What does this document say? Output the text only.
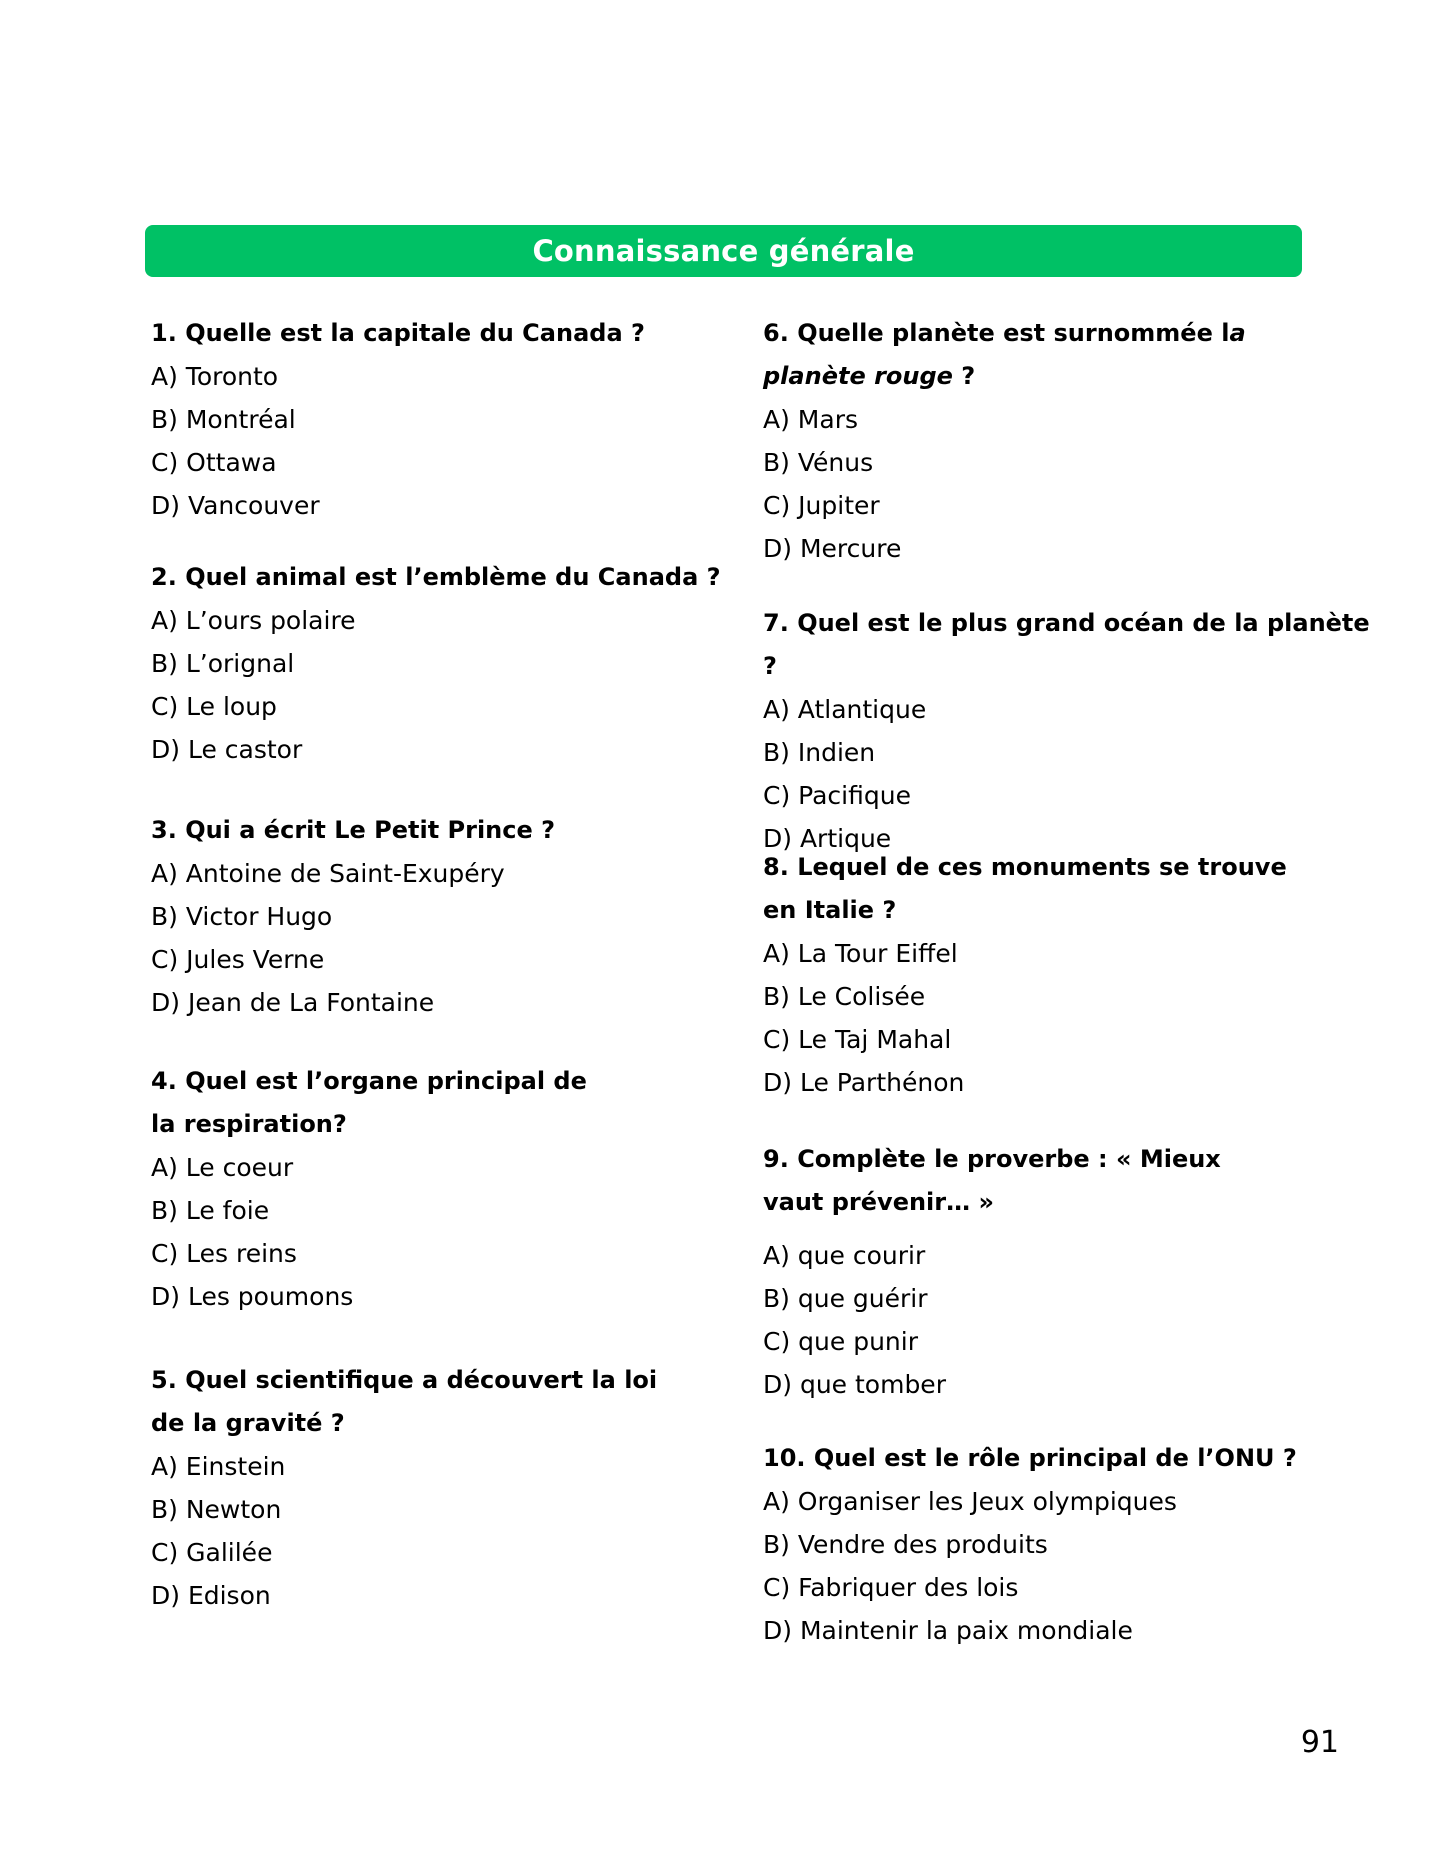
Connaissance générale

1. Quelle est la capitale du Canada ?

A) Toronto

B) Montréal

C) Ottawa

D) Vancouver

2. Quel animal est l’emblème du Canada ?

A) L’ours polaire

B) L’orignal

C) Le loup

D) Le castor

3. Qui a écrit Le Petit Prince ?

A) Antoine de Saint-Exupéry

B) Victor Hugo

C) Jules Verne

D) Jean de La Fontaine

4. Quel est l’organe principal de la respiration?

A) Le coeur

B) Le foie

C) Les reins

D) Les poumons

5. Quel scientifique a découvert la loi de la gravité ?

A) Einstein

B) Newton

C) Galilée

D) Edison

6. Quelle planète est surnommée la planète rouge ?

A) Mars

B) Vénus

C) Jupiter

D) Mercure

7. Quel est le plus grand océan de la planète ?

A) Atlantique

B) Indien

C) Pacifique

D) Artique

8. Lequel de ces monuments se trouve en Italie ?

A) La Tour Eiffel

B) Le Colisée

C) Le Taj Mahal

D) Le Parthénon

9. Complète le proverbe : « Mieux vaut prévenir… »

A) que courir

B) que guérir

C) que punir

D) que tomber

10. Quel est le rôle principal de l’ONU ?

A) Organiser les Jeux olympiques

B) Vendre des produits

C) Fabriquer des lois

D) Maintenir la paix mondiale

91
